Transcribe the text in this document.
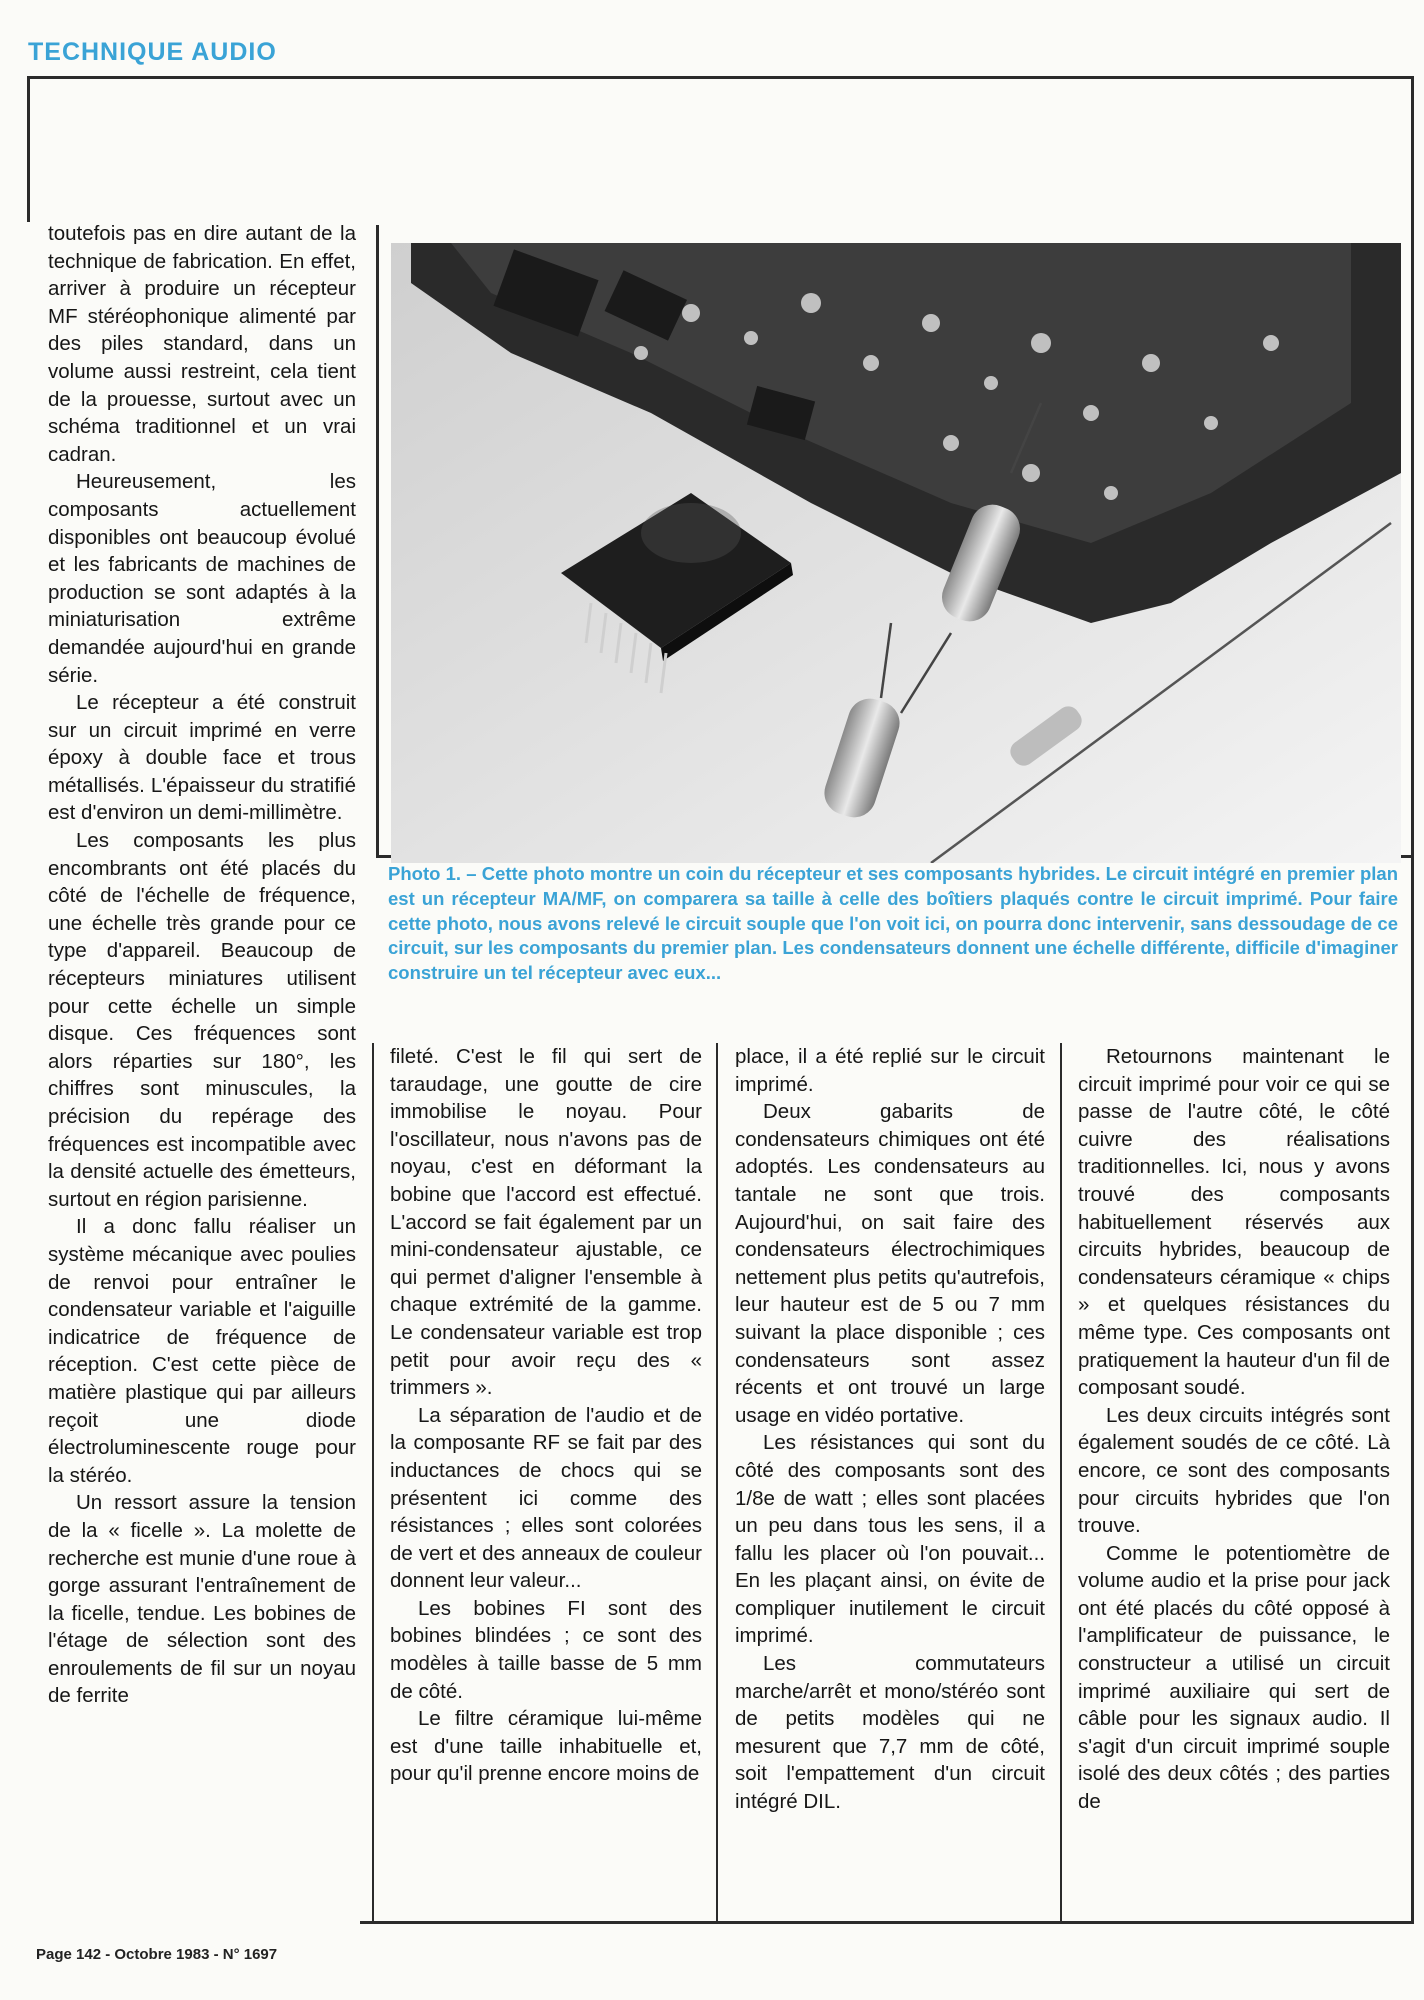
TECHNIQUE AUDIO

toutefois pas en dire autant de la technique de fabrication. En effet, arriver à produire un récepteur MF stéréophonique alimenté par des piles standard, dans un volume aussi restreint, cela tient de la prouesse, surtout avec un schéma traditionnel et un vrai cadran.

Heureusement, les composants actuellement disponibles ont beaucoup évolué et les fabricants de machines de production se sont adaptés à la miniaturisation extrême demandée aujourd'hui en grande série.

Le récepteur a été construit sur un circuit imprimé en verre époxy à double face et trous métallisés. L'épaisseur du stratifié est d'environ un demi-millimètre.

Les composants les plus encombrants ont été placés du côté de l'échelle de fréquence, une échelle très grande pour ce type d'appareil. Beaucoup de récepteurs miniatures utilisent pour cette échelle un simple disque. Ces fréquences sont alors réparties sur 180°, les chiffres sont minuscules, la précision du repérage des fréquences est incompatible avec la densité actuelle des émetteurs, surtout en région parisienne.

Il a donc fallu réaliser un système mécanique avec poulies de renvoi pour entraîner le condensateur variable et l'aiguille indicatrice de fréquence de réception. C'est cette pièce de matière plastique qui par ailleurs reçoit une diode électroluminescente rouge pour la stéréo.

Un ressort assure la tension de la « ficelle ». La molette de recherche est munie d'une roue à gorge assurant l'entraînement de la ficelle, tendue. Les bobines de l'étage de sélection sont des enroulements de fil sur un noyau de ferrite

Photo 1. – Cette photo montre un coin du récepteur et ses composants hybrides. Le circuit intégré en premier plan est un récepteur MA/MF, on comparera sa taille à celle des boîtiers plaqués contre le circuit imprimé. Pour faire cette photo, nous avons relevé le circuit souple que l'on voit ici, on pourra donc intervenir, sans dessoudage de ce circuit, sur les composants du premier plan. Les condensateurs donnent une échelle différente, difficile d'imaginer construire un tel récepteur avec eux...

fileté. C'est le fil qui sert de taraudage, une goutte de cire immobilise le noyau. Pour l'oscillateur, nous n'avons pas de noyau, c'est en déformant la bobine que l'accord est effectué. L'accord se fait également par un mini-condensateur ajustable, ce qui permet d'aligner l'ensemble à chaque extrémité de la gamme. Le condensateur variable est trop petit pour avoir reçu des « trimmers ».

La séparation de l'audio et de la composante RF se fait par des inductances de chocs qui se présentent ici comme des résistances ; elles sont colorées de vert et des anneaux de couleur donnent leur valeur...

Les bobines FI sont des bobines blindées ; ce sont des modèles à taille basse de 5 mm de côté.

Le filtre céramique lui-même est d'une taille inhabituelle et, pour qu'il prenne encore moins de

place, il a été replié sur le circuit imprimé.

Deux gabarits de condensateurs chimiques ont été adoptés. Les condensateurs au tantale ne sont que trois. Aujourd'hui, on sait faire des condensateurs électrochimiques nettement plus petits qu'autrefois, leur hauteur est de 5 ou 7 mm suivant la place disponible ; ces condensateurs sont assez récents et ont trouvé un large usage en vidéo portative.

Les résistances qui sont du côté des composants sont des 1/8e de watt ; elles sont placées un peu dans tous les sens, il a fallu les placer où l'on pouvait... En les plaçant ainsi, on évite de compliquer inutilement le circuit imprimé.

Les commutateurs marche/arrêt et mono/stéréo sont de petits modèles qui ne mesurent que 7,7 mm de côté, soit l'empattement d'un circuit intégré DIL.

Retournons maintenant le circuit imprimé pour voir ce qui se passe de l'autre côté, le côté cuivre des réalisations traditionnelles. Ici, nous y avons trouvé des composants habituellement réservés aux circuits hybrides, beaucoup de condensateurs céramique « chips » et quelques résistances du même type. Ces composants ont pratiquement la hauteur d'un fil de composant soudé.

Les deux circuits intégrés sont également soudés de ce côté. Là encore, ce sont des composants pour circuits hybrides que l'on trouve.

Comme le potentiomètre de volume audio et la prise pour jack ont été placés du côté opposé à l'amplificateur de puissance, le constructeur a utilisé un circuit imprimé auxiliaire qui sert de câble pour les signaux audio. Il s'agit d'un circuit imprimé souple isolé des deux côtés ; des parties de

Page 142 - Octobre 1983 - N° 1697
